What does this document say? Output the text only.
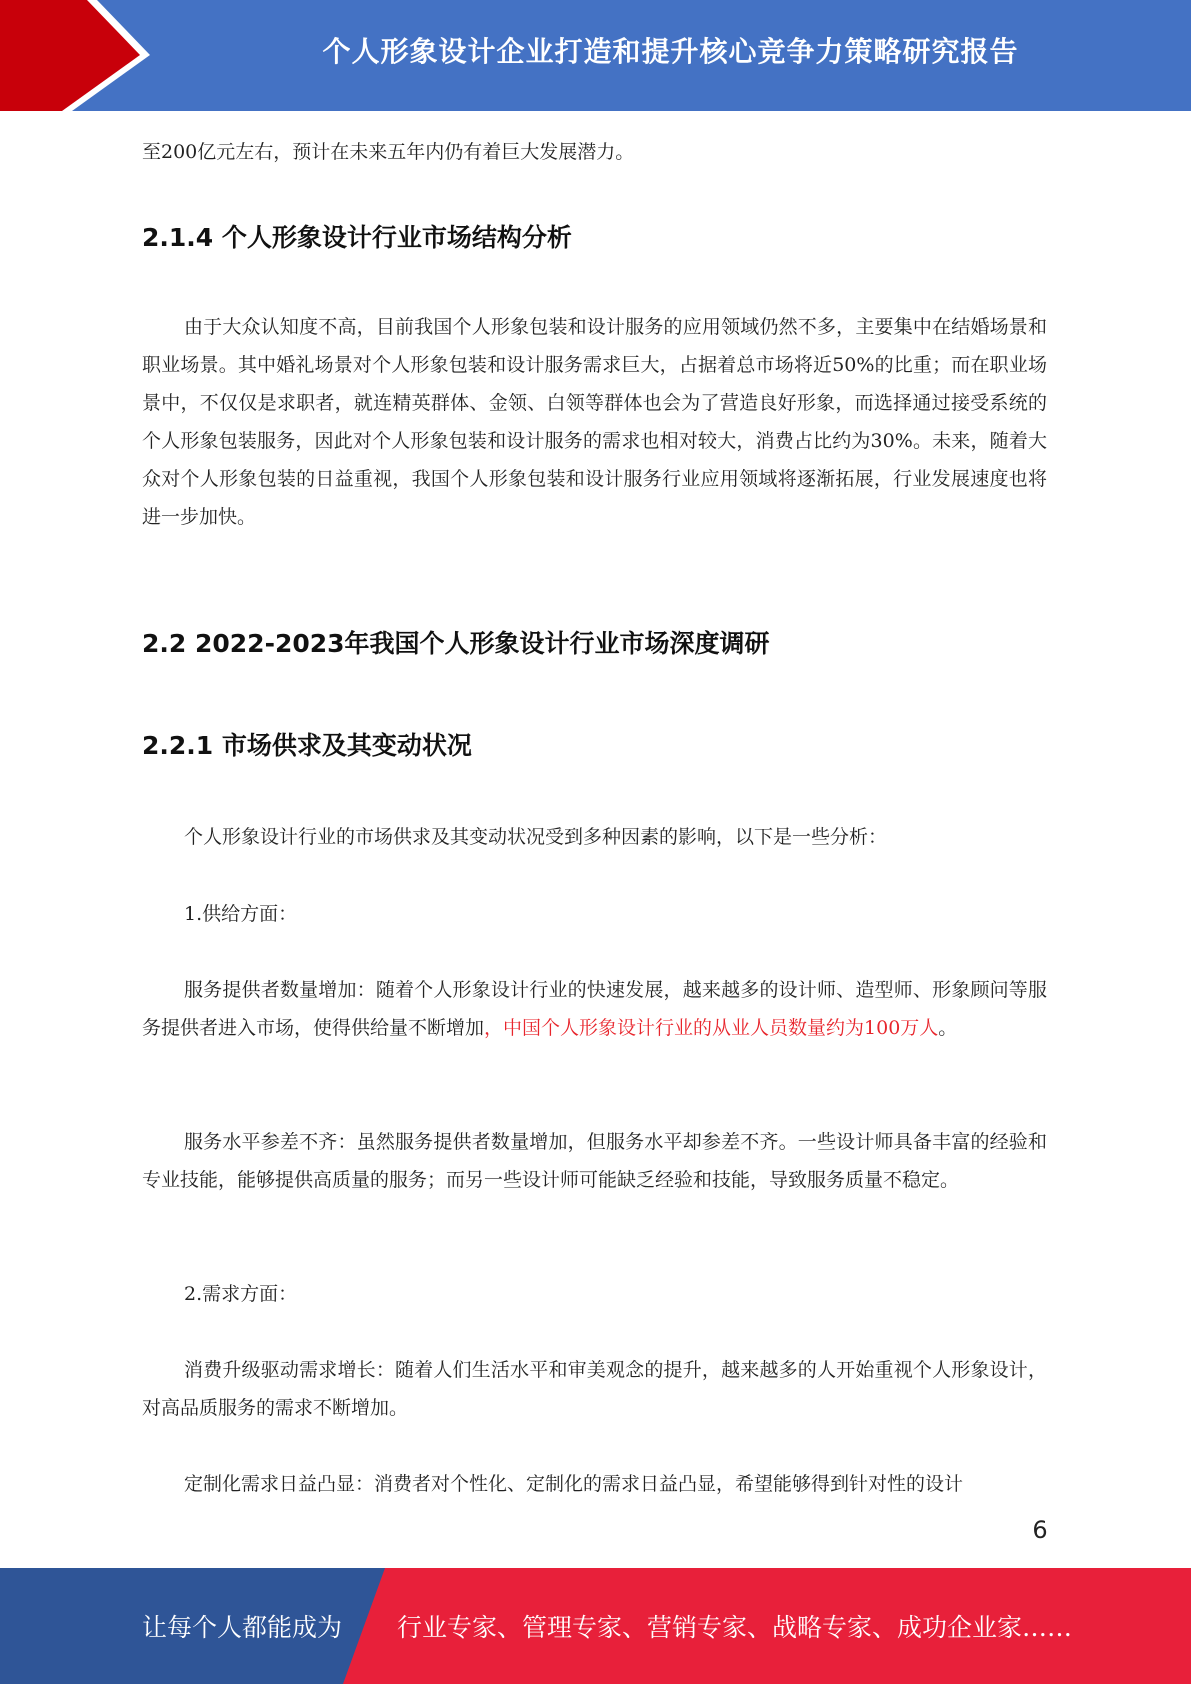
个人形象设计企业打造和提升核心竞争力策略研究报告

至200亿元左右，预计在未来五年内仍有着巨大发展潜力。

2.1.4 个人形象设计行业市场结构分析

由于大众认知度不高，目前我国个人形象包装和设计服务的应用领域仍然不多，主要集中在结婚场景和职业场景。其中婚礼场景对个人形象包装和设计服务需求巨大，占据着总市场将近50%的比重；而在职业场景中，不仅仅是求职者，就连精英群体、金领、白领等群体也会为了营造良好形象，而选择通过接受系统的个人形象包装服务，因此对个人形象包装和设计服务的需求也相对较大，消费占比约为30%。未来，随着大众对个人形象包装的日益重视，我国个人形象包装和设计服务行业应用领域将逐渐拓展，行业发展速度也将进一步加快。

2.2 2022-2023年我国个人形象设计行业市场深度调研
2.2.1 市场供求及其变动状况

个人形象设计行业的市场供求及其变动状况受到多种因素的影响，以下是一些分析：

1.供给方面：

服务提供者数量增加：随着个人形象设计行业的快速发展，越来越多的设计师、造型师、形象顾问等服务提供者进入市场，使得供给量不断增加，中国个人形象设计行业的从业人员数量约为100万人。

服务水平参差不齐：虽然服务提供者数量增加，但服务水平却参差不齐。一些设计师具备丰富的经验和专业技能，能够提供高质量的服务；而另一些设计师可能缺乏经验和技能，导致服务质量不稳定。

2.需求方面：

消费升级驱动需求增长：随着人们生活水平和审美观念的提升，越来越多的人开始重视个人形象设计，对高品质服务的需求不断增加。

定制化需求日益凸显：消费者对个性化、定制化的需求日益凸显，希望能够得到针对性的设计

6
让每个人都能成为 行业专家、管理专家、营销专家、战略专家、成功企业家……
